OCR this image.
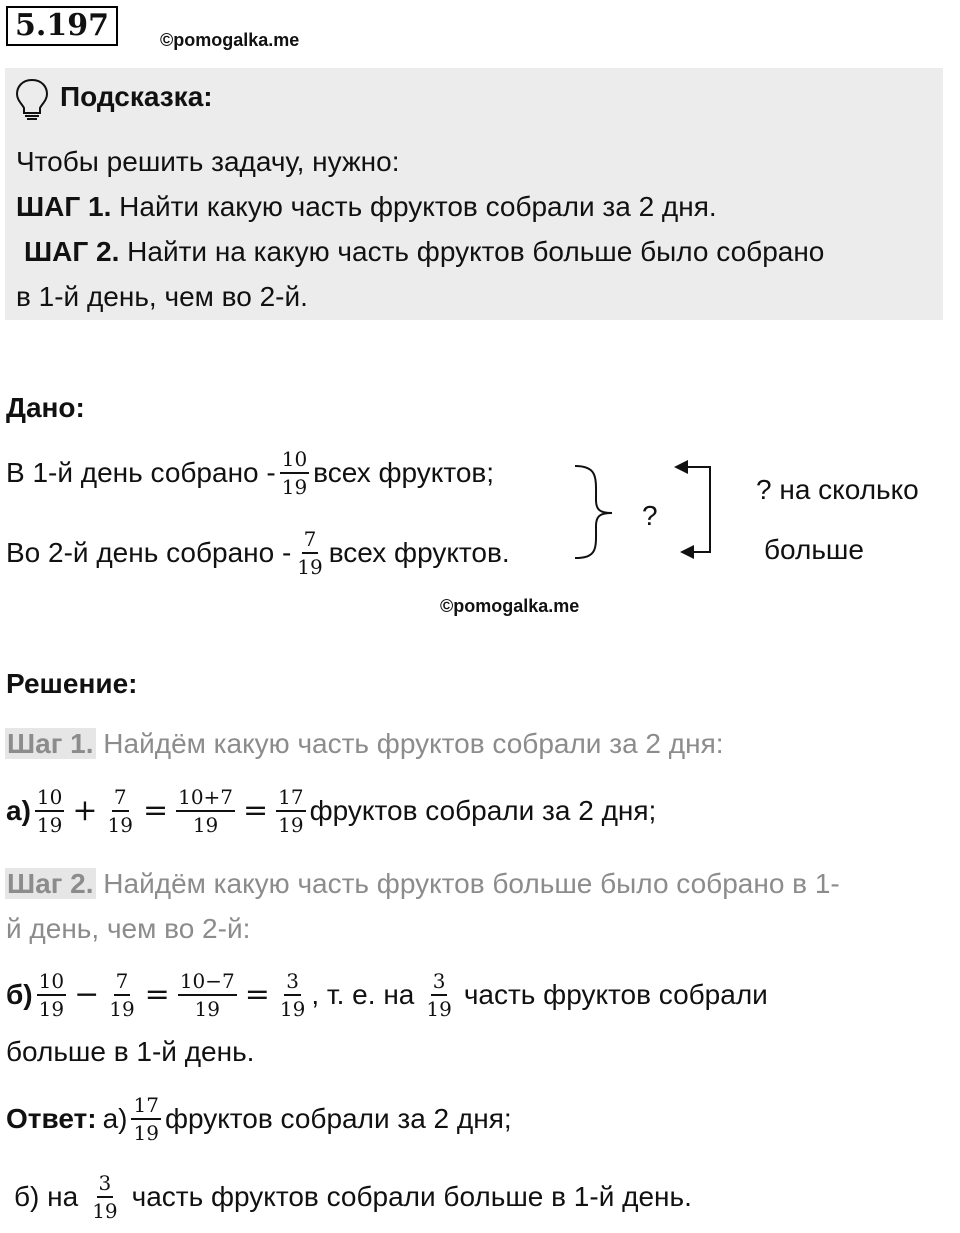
5.197	©pomogalka.me
Подсказка:
Чтобы решить задачу, нужно:
ШАГ 1. Найти какую часть фруктов собрали за 2 дня.
ШАГ 2. Найти на какую часть фруктов больше было собрано
в 1-й день, чем во 2-й.
Дано:
В 1-й день собрано - $\frac{10}{19}$ всех фруктов;
Во 2-й день собрано - $\frac{7}{19}$ всех фруктов.
?
? на сколько
больше
©pomogalka.me
Решение:
Шаг 1. Найдём какую часть фруктов собрали за 2 дня:
$а) \frac{10}{19} + \frac{7}{19} = \frac{10+7}{19} = \frac{17}{19}$ фруктов собрали за 2 дня;
Шаг 2. Найдём какую часть фруктов больше было собрано в 1-
й день, чем во 2-й:
$б) \frac{10}{19} - \frac{7}{19} = \frac{10-7}{19} = \frac{3}{19}$ , т. е. на $\frac{3}{19}$ часть фруктов собрали
больше в 1-й день.
Ответ: $а) \frac{17}{19}$ фруктов собрали за 2 дня;
б) на $\frac{3}{19}$ часть фруктов собрали больше в 1-й день.
